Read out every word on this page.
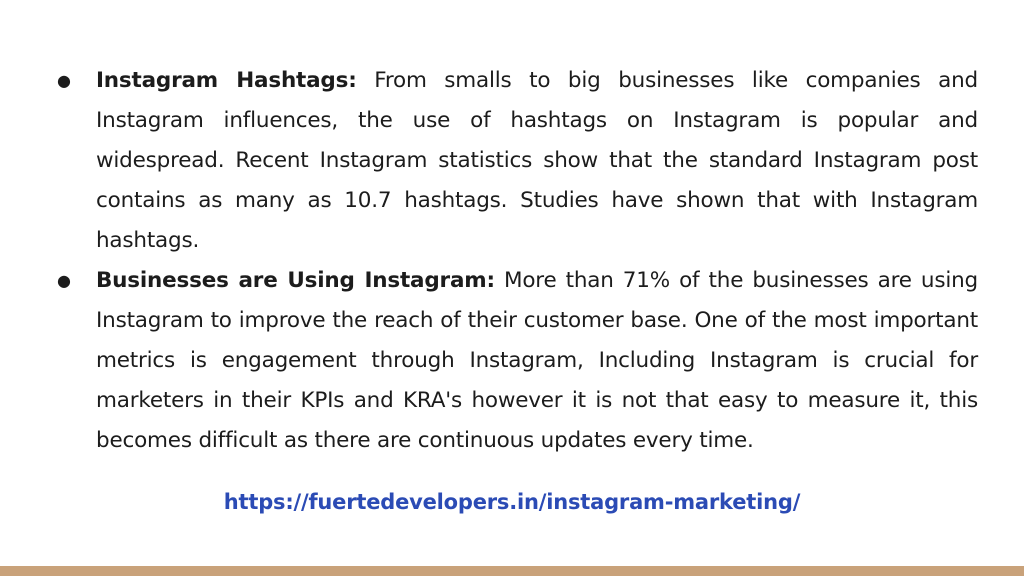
● Instagram Hashtags: From smalls to big businesses like companies and Instagram influences, the use of hashtags on Instagram is popular and widespread. Recent Instagram statistics show that the standard Instagram post contains as many as 10.7 hashtags. Studies have shown that with Instagram hashtags.
● Businesses are Using Instagram: More than 71% of the businesses are using Instagram to improve the reach of their customer base. One of the most important metrics is engagement through Instagram, Including Instagram is crucial for marketers in their KPIs and KRA's however it is not that easy to measure it, this becomes difficult as there are continuous updates every time.
https://fuertedevelopers.in/instagram-marketing/
